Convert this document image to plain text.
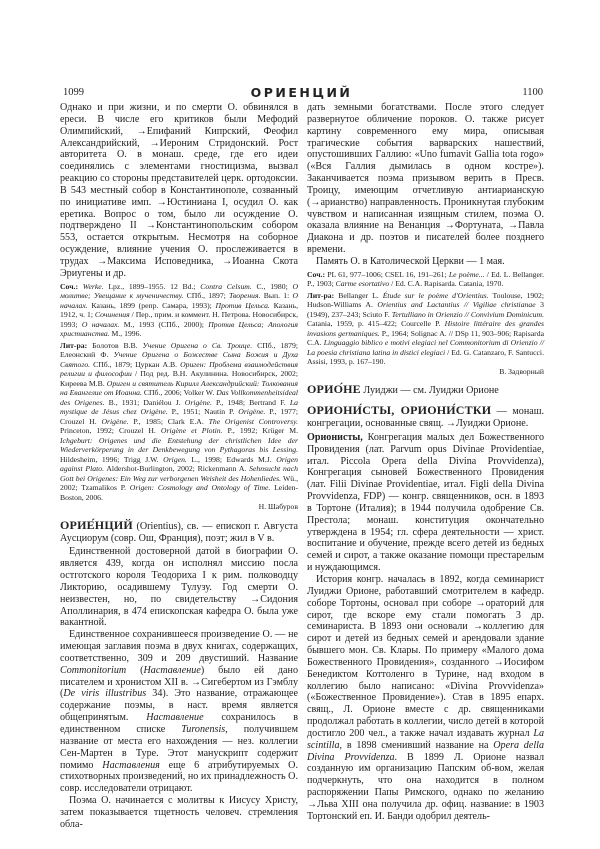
1099	ОРИЕНЦИЙ	1100
Однако и при жизни, и по смерти О. обвинялся в ереси. В числе его критиков были Мефодий Олимпийский, →Епифаний Кипрский, Феофил Александрийский, →Иероним Стридонский. Рост авторитета О. в монаш. среде, где его идеи соединялись с элементами гностицизма, вызвал реакцию со стороны представителей церк. ортодоксии. В 543 местный собор в Константинополе, созванный по инициативе имп. →Юстиниана I, осудил О. как еретика. Вопрос о том, было ли осуждение О. подтверждено II →Константинопольским собором 553, остается открытым. Несмотря на соборное осуждение, влияние учения О. прослеживается в трудах →Максима Исповедника, →Иоанна Скота Эриугены и др.
Соч.: Werke. Lpz., 1899–1955. 12 Bd.; Contra Celsum. C., 1980; О молитве; Увещание к мученичеству. СПб., 1897; Творения. Вып. 1: О началах. Казань, 1899 (репр. Самара, 1993); Против Цельса. Казань, 1912, ч. 1; Сочинения / Пер., прим. и коммент. Н. Петрова. Новосибирск, 1993; О началах. М., 1993 (СПб., 2000); Против Цельса; Апология христианства. М., 1996.
Лит-ра: Болотов В.В. Учение Оригена о Св. Троице. СПб., 1879; Елеонский Ф. Учение Оригена о Божестве Сына Божия и Духа Святого. СПб., 1879; Цуркан А.В. Ориген: Проблема взаимодействия религии и философии / Под ред. В.Н. Акулинина. Новосибирск, 2002; Киреева М.В. Ориген и святитель Кирилл Александрийский: Толкования на Евангелие от Иоанна. СПб., 2006; Volker W. Das Vollkommenheitsideal des Origenes. B., 1931; Daniélou J. Origène. P., 1948; Bertrand F. La mystique de Jésus chez Origène. P., 1951; Nautin P. Origène. P., 1977; Crouzel H. Origène. P., 1985; Clark E.A. The Origenist Controversy. Princeton, 1992; Crouzel H. Origène et Plotin. P., 1992; Krüger M. Ichgeburt: Origenes und die Entstehung der christlichen Idee der Wiederverkörperung in der Denkbewegung von Pythagoras bis Lessing. Hildesheim, 1996; Trigg J.W. Origen. L., 1998; Edwards M.J. Origen against Plato. Aldershot-Burlington, 2002; Rickenmann A. Sehnsucht nach Gott bei Origenes: Ein Weg zur verborgenen Weisheit des Hohenliedes. Wü., 2002; Tzamalikos P. Origen: Cosmology and Ontology of Time. Leiden-Boston, 2006.
Н. Шабуров
ОРИЕ́НЦИЙ (Orientius), св. — епископ г. Августа Аусциорум (совр. Ош, Франция), поэт; жил в V в.
Единственной достоверной датой в биографии О. является 439, когда он исполнял миссию посла остготского короля Теодориха I к рим. полководцу Ликторию, осадившему Тулузу. Год смерти О. неизвестен, но, по свидетельству →Сидония Аполлинария, в 474 епископская кафедра О. была уже вакантной.
Единственное сохранившееся произведение О. — не имеющая заглавия поэма в двух книгах, содержащих, соответственно, 309 и 209 двустиший. Название Commonitorium (Наставление) было ей дано писателем и хронистом XII в. →Сигебертом из Гэмблу (De viris illustribus 34). Это название, отражающее содержание поэмы, в наст. время является общепринятым. Наставление сохранилось в единственном списке Turonensis, получившем название от места его нахождения — нез. коллегии Сен-Мартен в Туре. Этот манускрипт содержит помимо Наставления еще 6 атрибутируемых О. стихотворных произведений, но их принадлежность О. совр. исследователи отрицают.
Поэма О. начинается с молитвы к Иисусу Христу, затем показывается тщетность человеч. стремления обла-
дать земными богатствами. После этого следует развернутое обличение пороков. О. также рисует картину современного ему мира, описывая трагические события варварских нашествий, опустошивших Галлию: «Uno fumavit Gallia tota rogo» («Вся Галлия дымилась в одном костре»). Заканчивается поэма призывом верить в Пресв. Троицу, имеющим отчетливую антиарианскую (→арианство) направленность. Проникнутая глубоким чувством и написанная изящным стилем, поэма О. оказала влияние на Венанция →Фортуната, →Павла Диакона и др. поэтов и писателей более позднего времени.
Память О. в Католической Церкви — 1 мая.
Соч.: PL 61, 977–1006; CSEL 16, 191–261; Le poème... / Ed. L. Bellanger. P., 1903; Carme esortativo / Ed. C.A. Rapisarda. Catania, 1970.
Лит-ра: Bellanger L. Étude sur le poème d'Orientius. Toulouse, 1902; Hudson-Williams A. Orientius and Lactantius // Vigiliae christianae 3 (1949), 237–243; Sciuto F. Tertulliano in Orienzio // Convivium Dominicum. Catania, 1959, p. 415–422; Courcelle P. Histoire littéraire des grandes invasions germaniques. P., 1964; Solignac A. // DSp 11, 903–906; Rapisarda C.A. Linguaggio biblico e motivi elegiaci nel Commonitorium di Orienzio // La poesia christiana latina in distici elegiaci / Ed. G. Catanzaro, F. Santucci. Assisi, 1993, p. 167–190.
В. Задворный
ОРИО́НЕ Луиджи — см. Луиджи Орионе
ОРИОНИ́СТЫ, ОРИОНИ́СТКИ — монаш. конгрегации, основанные свящ. →Луиджи Орионе.
Орионисты, Конгрегация малых дел Божественного Провидения (лат. Parvum opus Divinae Providentiae, итал. Piccola Opera della Divina Provvidenza), Конгрегация сыновей Божественного Провидения (лат. Filii Divinae Providentiae, итал. Figli della Divina Provvidenza, FDP) — конгр. священников, осн. в 1893 в Тортоне (Италия); в 1944 получила одобрение Св. Престола; монаш. конституция окончательно утверждена в 1954; гл. сфера деятельности — христ. воспитание и обучение, прежде всего детей из бедных семей и сирот, а также оказание помощи престарелым и нуждающимся.
История конгр. началась в 1892, когда семинарист Луиджи Орионе, работавший смотрителем в кафедр. соборе Тортоны, основал при соборе →ораторий для сирот, где вскоре ему стали помогать 3 др. семинариста. В 1893 они основали →коллегию для сирот и детей из бедных семей и арендовали здание бывшего мон. Св. Клары. По примеру «Малого дома Божественного Провидения», созданного →Иосифом Бенедиктом Коттоленго в Турине, над входом в коллегию было написано: «Divina Provvidenza» («Божественное Провидение»). Став в 1895 епарх. свящ., Л. Орионе вместе с др. священниками продолжал работать в коллегии, число детей в которой достигло 200 чел., а также начал издавать журнал La scintilla, в 1898 сменивший название на Opera della Divina Provvidenza. В 1899 Л. Орионе назвал созданную им организацию Папским об-вом, желая подчеркнуть, что она находится в полном распоряжении Папы Римского, однако по желанию →Льва XIII она получила др. офиц. название: в 1903 Тортонский еп. И. Банди одобрил деятель-
